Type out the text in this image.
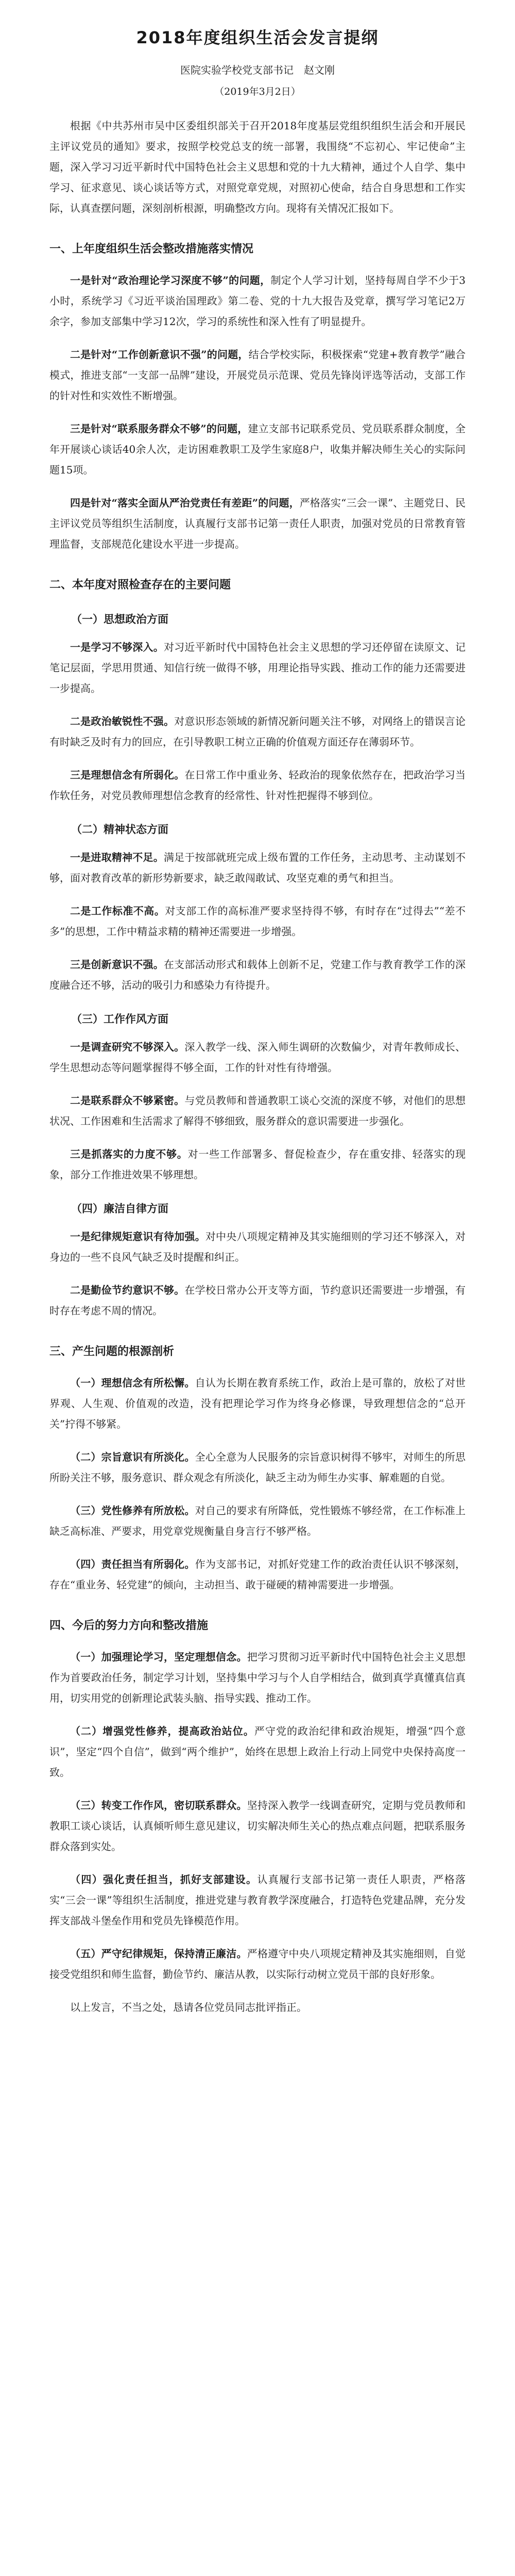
2018年度组织生活会发言提纲
医院实验学校党支部书记　赵文刚
（2019年3月2日）

根据《中共苏州市吴中区委组织部关于召开2018年度基层党组织组织生活会和开展民主评议党员的通知》要求，按照学校党总支的统一部署，我围绕“不忘初心、牢记使命”主题，深入学习习近平新时代中国特色社会主义思想和党的十九大精神，通过个人自学、集中学习、征求意见、谈心谈话等方式，对照党章党规，对照初心使命，结合自身思想和工作实际，认真查摆问题，深刻剖析根源，明确整改方向。现将有关情况汇报如下。

一、上年度组织生活会整改措施落实情况

一是针对“政治理论学习深度不够”的问题，制定个人学习计划，坚持每周自学不少于3小时，系统学习《习近平谈治国理政》第二卷、党的十九大报告及党章，撰写学习笔记2万余字，参加支部集中学习12次，学习的系统性和深入性有了明显提升。

二是针对“工作创新意识不强”的问题，结合学校实际，积极探索“党建+教育教学”融合模式，推进支部“一支部一品牌”建设，开展党员示范课、党员先锋岗评选等活动，支部工作的针对性和实效性不断增强。

三是针对“联系服务群众不够”的问题，建立支部书记联系党员、党员联系群众制度，全年开展谈心谈话40余人次，走访困难教职工及学生家庭8户，收集并解决师生关心的实际问题15项。

四是针对“落实全面从严治党责任有差距”的问题，严格落实“三会一课”、主题党日、民主评议党员等组织生活制度，认真履行支部书记第一责任人职责，加强对党员的日常教育管理监督，支部规范化建设水平进一步提高。

二、本年度对照检查存在的主要问题
（一）思想政治方面

一是学习不够深入。对习近平新时代中国特色社会主义思想的学习还停留在读原文、记笔记层面，学思用贯通、知信行统一做得不够，用理论指导实践、推动工作的能力还需要进一步提高。

二是政治敏锐性不强。对意识形态领域的新情况新问题关注不够，对网络上的错误言论有时缺乏及时有力的回应，在引导教职工树立正确的价值观方面还存在薄弱环节。

三是理想信念有所弱化。在日常工作中重业务、轻政治的现象依然存在，把政治学习当作软任务，对党员教师理想信念教育的经常性、针对性把握得不够到位。

（二）精神状态方面

一是进取精神不足。满足于按部就班完成上级布置的工作任务，主动思考、主动谋划不够，面对教育改革的新形势新要求，缺乏敢闯敢试、攻坚克难的勇气和担当。

二是工作标准不高。对支部工作的高标准严要求坚持得不够，有时存在“过得去”“差不多”的思想，工作中精益求精的精神还需要进一步增强。

三是创新意识不强。在支部活动形式和载体上创新不足，党建工作与教育教学工作的深度融合还不够，活动的吸引力和感染力有待提升。

（三）工作作风方面

一是调查研究不够深入。深入教学一线、深入师生调研的次数偏少，对青年教师成长、学生思想动态等问题掌握得不够全面，工作的针对性有待增强。

二是联系群众不够紧密。与党员教师和普通教职工谈心交流的深度不够，对他们的思想状况、工作困难和生活需求了解得不够细致，服务群众的意识需要进一步强化。

三是抓落实的力度不够。对一些工作部署多、督促检查少，存在重安排、轻落实的现象，部分工作推进效果不够理想。

（四）廉洁自律方面

一是纪律规矩意识有待加强。对中央八项规定精神及其实施细则的学习还不够深入，对身边的一些不良风气缺乏及时提醒和纠正。

二是勤俭节约意识不够。在学校日常办公开支等方面，节约意识还需要进一步增强，有时存在考虑不周的情况。

三、产生问题的根源剖析

（一）理想信念有所松懈。自认为长期在教育系统工作，政治上是可靠的，放松了对世界观、人生观、价值观的改造，没有把理论学习作为终身必修课，导致理想信念的“总开关”拧得不够紧。

（二）宗旨意识有所淡化。全心全意为人民服务的宗旨意识树得不够牢，对师生的所思所盼关注不够，服务意识、群众观念有所淡化，缺乏主动为师生办实事、解难题的自觉。

（三）党性修养有所放松。对自己的要求有所降低，党性锻炼不够经常，在工作标准上缺乏高标准、严要求，用党章党规衡量自身言行不够严格。

（四）责任担当有所弱化。作为支部书记，对抓好党建工作的政治责任认识不够深刻，存在“重业务、轻党建”的倾向，主动担当、敢于碰硬的精神需要进一步增强。

四、今后的努力方向和整改措施

（一）加强理论学习，坚定理想信念。把学习贯彻习近平新时代中国特色社会主义思想作为首要政治任务，制定学习计划，坚持集中学习与个人自学相结合，做到真学真懂真信真用，切实用党的创新理论武装头脑、指导实践、推动工作。

（二）增强党性修养，提高政治站位。严守党的政治纪律和政治规矩，增强“四个意识”，坚定“四个自信”，做到“两个维护”，始终在思想上政治上行动上同党中央保持高度一致。

（三）转变工作作风，密切联系群众。坚持深入教学一线调查研究，定期与党员教师和教职工谈心谈话，认真倾听师生意见建议，切实解决师生关心的热点难点问题，把联系服务群众落到实处。

（四）强化责任担当，抓好支部建设。认真履行支部书记第一责任人职责，严格落实“三会一课”等组织生活制度，推进党建与教育教学深度融合，打造特色党建品牌，充分发挥支部战斗堡垒作用和党员先锋模范作用。

（五）严守纪律规矩，保持清正廉洁。严格遵守中央八项规定精神及其实施细则，自觉接受党组织和师生监督，勤俭节约、廉洁从教，以实际行动树立党员干部的良好形象。

以上发言，不当之处，恳请各位党员同志批评指正。
